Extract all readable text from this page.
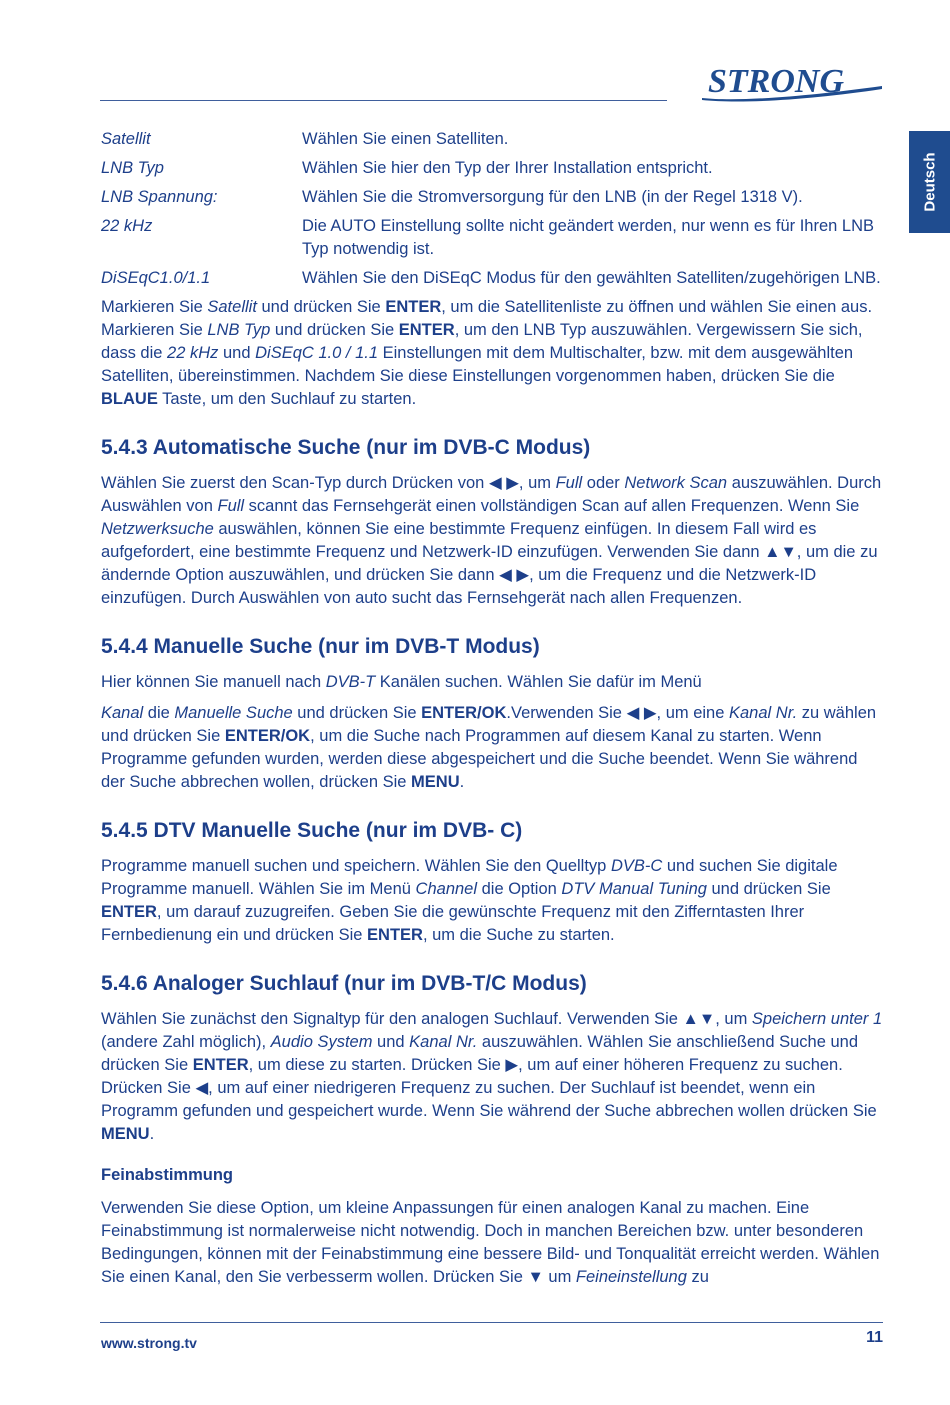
STRONG
Deutsch
Satellit	Wählen Sie einen Satelliten.
LNB Typ	Wählen Sie hier den Typ der Ihrer Installation entspricht.
LNB Spannung:	Wählen Sie die Stromversorgung für den LNB (in der Regel 1318 V).
22 kHz	Die AUTO Einstellung sollte nicht geändert werden, nur wenn es für Ihren LNB Typ notwendig ist.
DiSEqC1.0/1.1	Wählen Sie den DiSEqC Modus für den gewählten Satelliten/zugehörigen LNB.

Markieren Sie Satellit und drücken Sie ENTER, um die Satellitenliste zu öffnen und wählen Sie einen aus. Markieren Sie LNB Typ und drücken Sie ENTER, um den LNB Typ auszuwählen. Vergewissern Sie sich, dass die 22 kHz und DiSEqC 1.0 / 1.1 Einstellungen mit dem Multischalter, bzw. mit dem ausgewählten Satelliten, übereinstimmen. Nachdem Sie diese Einstellungen vorgenommen haben, drücken Sie die BLAUE Taste, um den Suchlauf zu starten.

5.4.3 Automatische Suche (nur im DVB-C Modus)

Wählen Sie zuerst den Scan-Typ durch Drücken von ◀ ▶, um Full oder Network Scan auszuwählen. Durch Auswählen von Full scannt das Fernsehgerät einen vollständigen Scan auf allen Frequenzen. Wenn Sie Netzwerksuche auswählen, können Sie eine bestimmte Frequenz einfügen. In diesem Fall wird es aufgefordert, eine bestimmte Frequenz und Netzwerk-ID einzufügen. Verwenden Sie dann ▲▼, um die zu ändernde Option auszuwählen, und drücken Sie dann ◀ ▶, um die Frequenz und die Netzwerk-ID einzufügen. Durch Auswählen von auto sucht das Fernsehgerät nach allen Frequenzen.

5.4.4 Manuelle Suche (nur im DVB-T Modus)

Hier können Sie manuell nach DVB-T Kanälen suchen. Wählen Sie dafür im Menü

Kanal die Manuelle Suche und drücken Sie ENTER/OK.Verwenden Sie ◀ ▶, um eine Kanal Nr. zu wählen und drücken Sie ENTER/OK, um die Suche nach Programmen auf diesem Kanal zu starten. Wenn Programme gefunden wurden, werden diese abgespeichert und die Suche beendet. Wenn Sie während der Suche abbrechen wollen, drücken Sie MENU.

5.4.5 DTV Manuelle Suche (nur im DVB- C)

Programme manuell suchen und speichern. Wählen Sie den Quelltyp DVB-C und suchen Sie digitale Programme manuell. Wählen Sie im Menü Channel die Option DTV Manual Tuning und drücken Sie ENTER, um darauf zuzugreifen. Geben Sie die gewünschte Frequenz mit den Zifferntasten Ihrer Fernbedienung ein und drücken Sie ENTER, um die Suche zu starten.

5.4.6 Analoger Suchlauf (nur im DVB-T/C Modus)

Wählen Sie zunächst den Signaltyp für den analogen Suchlauf. Verwenden Sie ▲▼, um Speichern unter 1 (andere Zahl möglich), Audio System und Kanal Nr. auszuwählen. Wählen Sie anschließend Suche und drücken Sie ENTER, um diese zu starten. Drücken Sie ▶, um auf einer höheren Frequenz zu suchen. Drücken Sie ◀, um auf einer niedrigeren Frequenz zu suchen. Der Suchlauf ist beendet, wenn ein Programm gefunden und gespeichert wurde. Wenn Sie während der Suche abbrechen wollen drücken Sie MENU.

Feinabstimmung

Verwenden Sie diese Option, um kleine Anpassungen für einen analogen Kanal zu machen. Eine Feinabstimmung ist normalerweise nicht notwendig. Doch in manchen Bereichen bzw. unter besonderen Bedingungen, können mit der Feinabstimmung eine bessere Bild- und Tonqualität erreicht werden. Wählen Sie einen Kanal, den Sie verbesserm wollen. Drücken Sie ▼ um Feineinstellung zu

www.strong.tv	11
